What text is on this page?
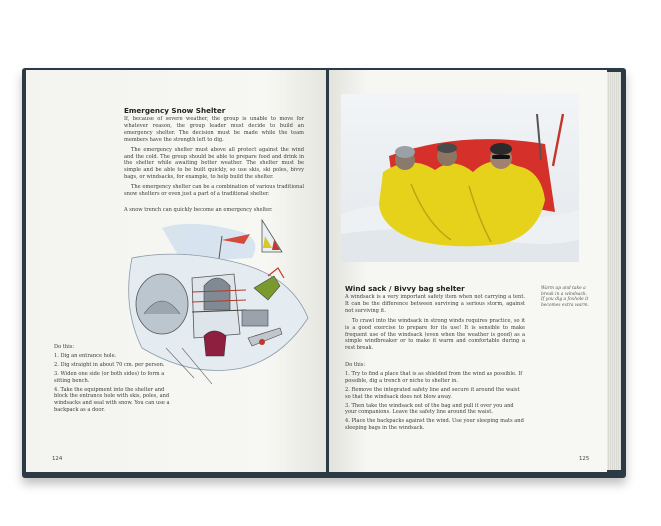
Emergency Snow Shelter

If, because of severe weather, the group is unable to move for whatever reason, the group leader must decide to build an emergency shelter. The decision must be made while the team members have the strength left to dig.

The emergency shelter must above all protect against the wind and the cold. The group should be able to prepare food and drink in the shelter while awaiting better weather. The shelter must be simple and be able to be built quickly, so use skis, ski poles, bivvy bags, or windsacks, for example, to help build the shelter.

The emergency shelter can be a combination of various traditional snow shelters or even just a part of a traditional shelter.

A snow trench can quickly become an emergency shelter.
Do this:
1. Dig an entrance hole.
2. Dig straight in about 70 cm. per person.
3. Widen one side (or both sides) to form a sitting bench.
4. Take the equipment into the shelter and block the entrance hole with skis, poles, and windsacks and seal with snow. You can use a backpack as a door.
124
Wind sack / Bivvy bag shelter

A windsack is a very important safety item when not carrying a tent. It can be the difference between surviving a serious storm, against not surviving it.

To crawl into the windsack in strong winds requires practice, so it is a good exercise to prepare for its use! It is sensible to make frequent use of the windsack (even when the weather is good) as a simple windbreaker or to make it warm and comfortable during a rest break.

Warm up and take a break in a windsack. If you dig a foxhole it becomes extra warm.
Do this:
1. Try to find a place that is as shielded from the wind as possible. If possible, dig a trench or niche to shelter in.
2. Remove the integrated safety line and secure it around the waist so that the windsack does not blow away.
3. Then take the windsack out of the bag and pull it over you and your companions. Leave the safety line around the waist.
4. Place the backpacks against the wind. Use your sleeping mats and sleeping bags in the windsack.
125
